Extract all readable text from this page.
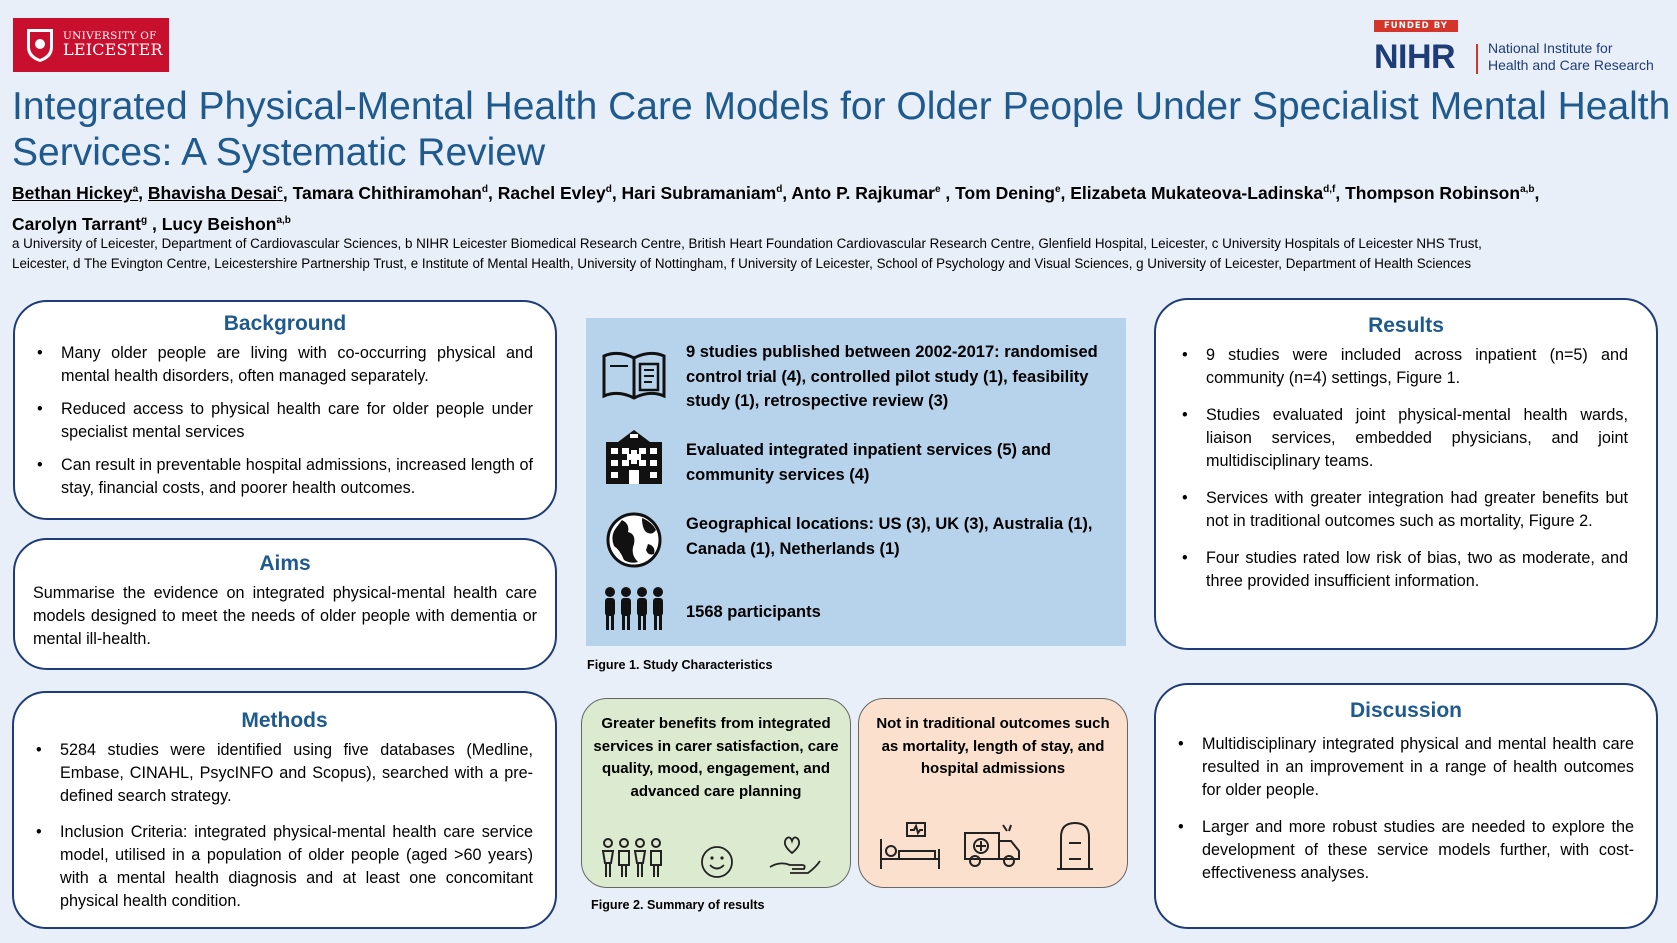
UNIVERSITY OF
LEICESTER
FUNDED BY
NIHR National Institute for
Health and Care Research
Integrated Physical-Mental Health Care Models for Older People Under Specialist Mental Health Services: A Systematic Review
Bethan Hickey$^a$, Bhavisha Desai$^c$, Tamara Chithiramohan$^d$, Rachel Evley$^d$, Hari Subramaniam$^d$, Anto P. Rajkumar$^e$ , Tom Dening$^e$, Elizabeta Mukateova-Ladinska$^{d,f}$, Thompson Robinson$^{a,b}$,
Carolyn Tarrant$^g$ , Lucy Beishon$^{a,b}$
a University of Leicester, Department of Cardiovascular Sciences, b NIHR Leicester Biomedical Research Centre, British Heart Foundation Cardiovascular Research Centre, Glenfield Hospital, Leicester, c University Hospitals of Leicester NHS Trust,
Leicester, d The Evington Centre, Leicestershire Partnership Trust, e Institute of Mental Health, University of Nottingham, f University of Leicester, School of Psychology and Visual Sciences, g University of Leicester, Department of Health Sciences
Background
• Many older people are living with co-occurring physical and mental health disorders, often managed separately.
• Reduced access to physical health care for older people under specialist mental services
• Can result in preventable hospital admissions, increased length of stay, financial costs, and poorer health outcomes.
Aims

Summarise the evidence on integrated physical-mental health care models designed to meet the needs of older people with dementia or mental ill-health.

Methods
• 5284 studies were identified using five databases (Medline, Embase, CINAHL, PsycINFO and Scopus), searched with a pre-defined search strategy.
• Inclusion Criteria: integrated physical-mental health care service model, utilised in a population of older people (aged >60 years) with a mental health diagnosis and at least one concomitant physical health condition.
9 studies published between 2002-2017: randomised control trial (4), controlled pilot study (1), feasibility study (1), retrospective review (3)
Evaluated integrated inpatient services (5) and community services (4)
Geographical locations: US (3), UK (3), Australia (1), Canada (1), Netherlands (1)
1568 participants
Figure 1. Study Characteristics
Greater benefits from integrated services in carer satisfaction, care quality, mood, engagement, and advanced care planning
Not in traditional outcomes such as mortality, length of stay, and hospital admissions
Figure 2. Summary of results
Results
• 9 studies were included across inpatient (n=5) and community (n=4) settings, Figure 1.
• Studies evaluated joint physical-mental health wards, liaison services, embedded physicians, and joint multidisciplinary teams.
• Services with greater integration had greater benefits but not in traditional outcomes such as mortality, Figure 2.
• Four studies rated low risk of bias, two as moderate, and three provided insufficient information.
Discussion
• Multidisciplinary integrated physical and mental health care resulted in an improvement in a range of health outcomes for older people.
• Larger and more robust studies are needed to explore the development of these service models further, with cost-effectiveness analyses.
